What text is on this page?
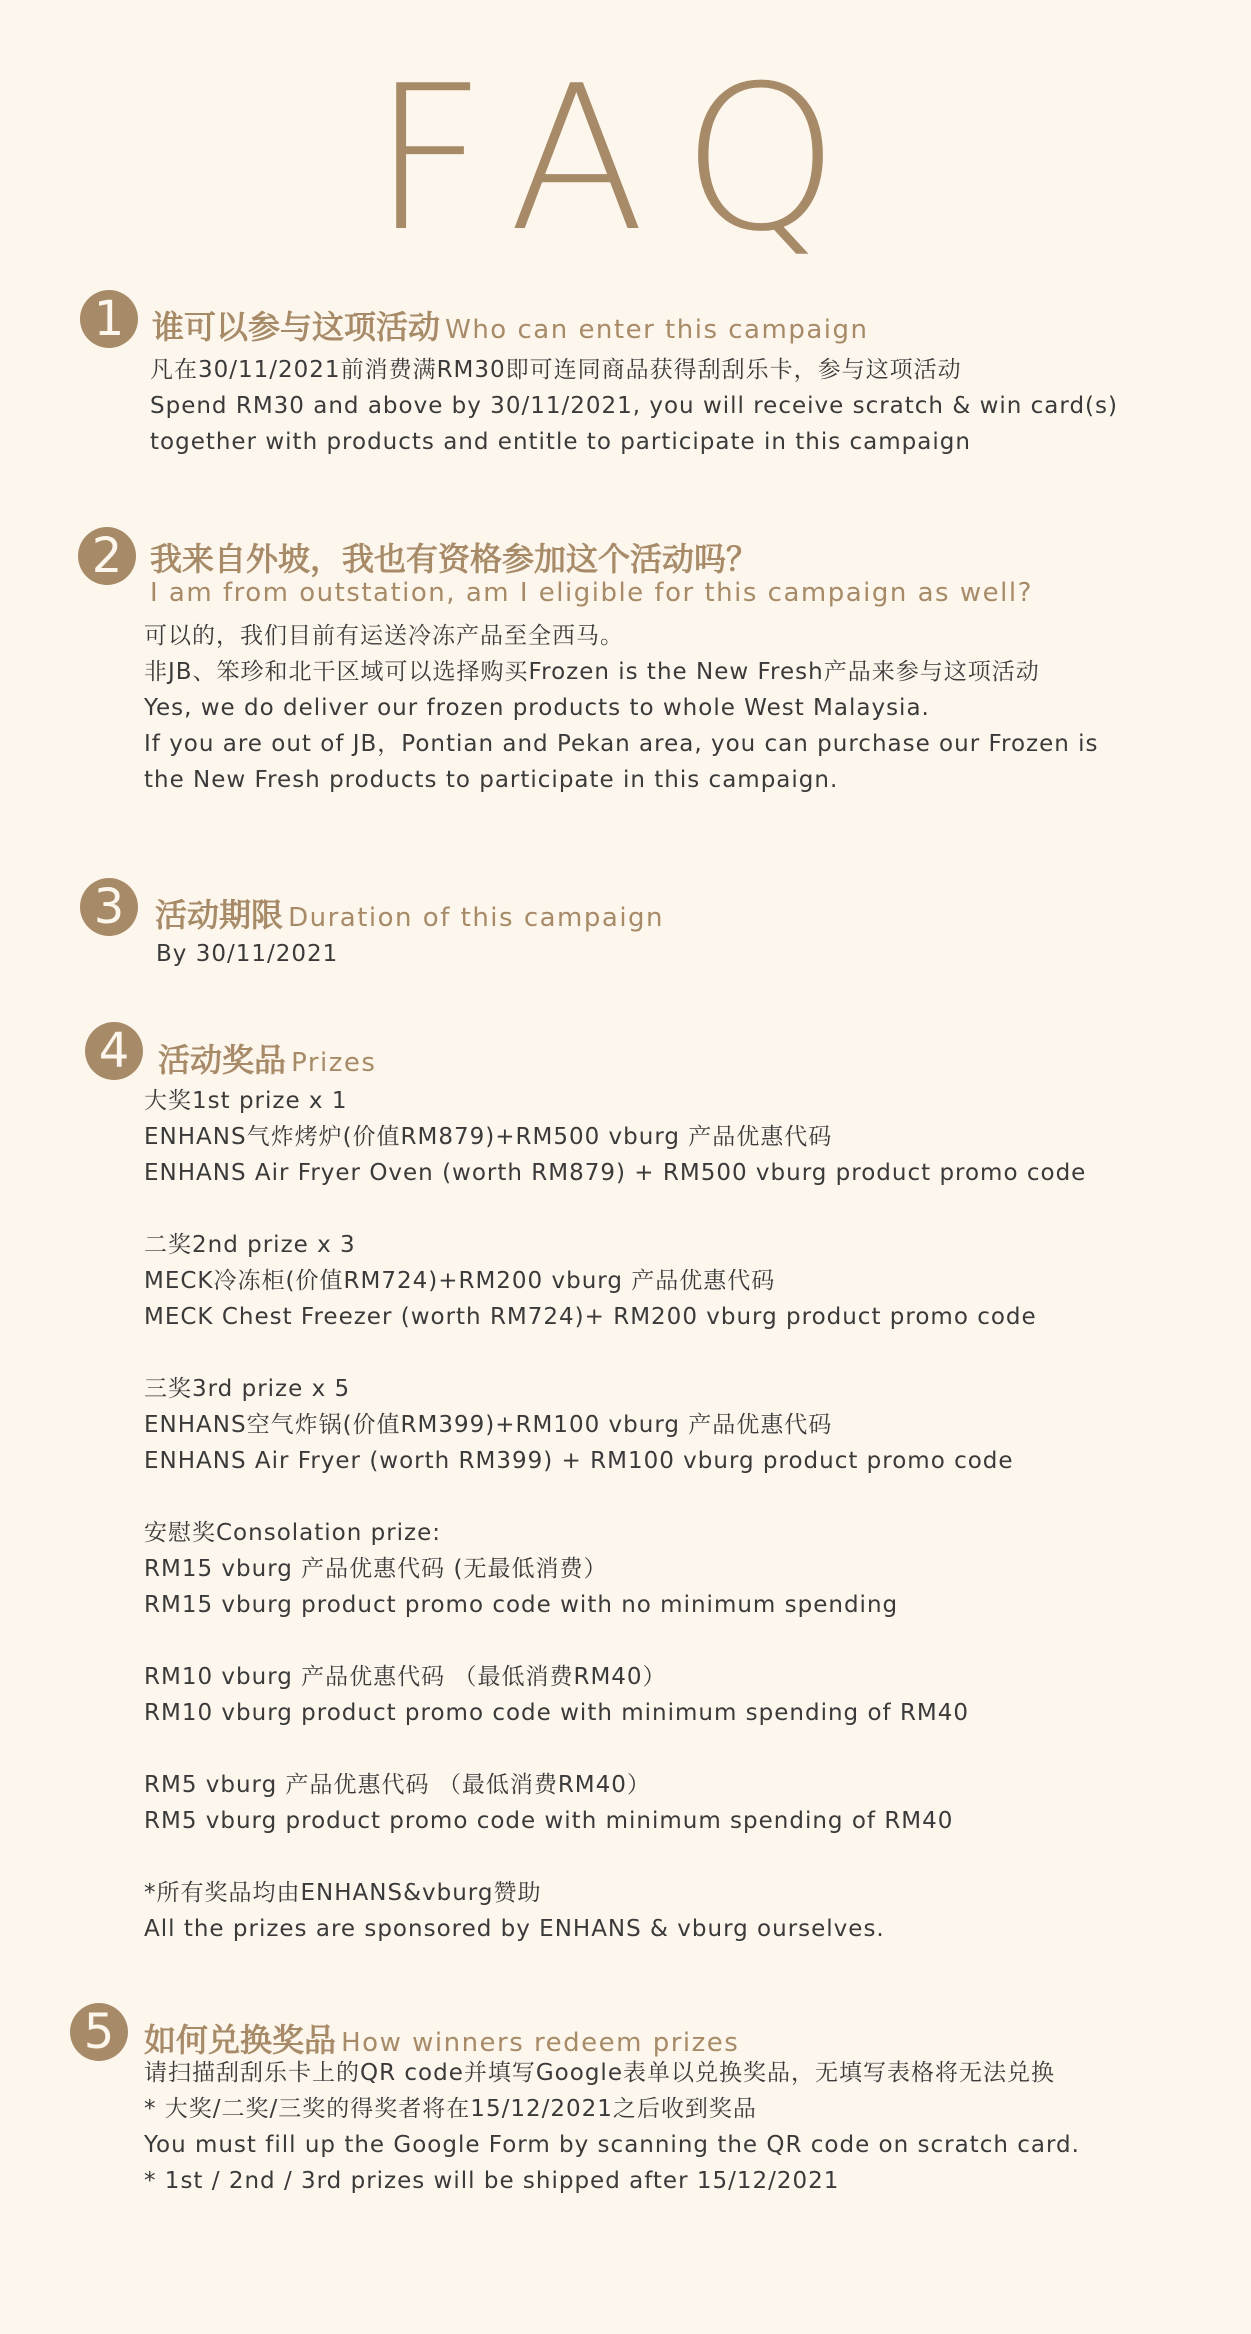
FAQ
1 谁可以参与这项活动 Who can enter this campaign
凡在30/11/2021前消费满RM30即可连同商品获得刮刮乐卡，参与这项活动
Spend RM30 and above by 30/11/2021, you will receive scratch & win card(s)
together with products and entitle to participate in this campaign
2 我来自外坡，我也有资格参加这个活动吗？
I am from outstation, am I eligible for this campaign as well?
可以的，我们目前有运送冷冻产品至全西马。
非JB、笨珍和北干区域可以选择购买Frozen is the New Fresh产品来参与这项活动
Yes, we do deliver our frozen products to whole West Malaysia.
If you are out of JB，Pontian and Pekan area, you can purchase our Frozen is
the New Fresh products to participate in this campaign.
3 活动期限 Duration of this campaign
By 30/11/2021
4 活动奖品 Prizes
大奖1st prize x 1
ENHANS气炸烤炉(价值RM879)+RM500 vburg 产品优惠代码
ENHANS Air Fryer Oven (worth RM879) + RM500 vburg product promo code
二奖2nd prize x 3
MECK冷冻柜(价值RM724)+RM200 vburg 产品优惠代码
MECK Chest Freezer (worth RM724)+ RM200 vburg product promo code
三奖3rd prize x 5
ENHANS空气炸锅(价值RM399)+RM100 vburg 产品优惠代码
ENHANS Air Fryer (worth RM399) + RM100 vburg product promo code
安慰奖Consolation prize:
RM15 vburg 产品优惠代码 (无最低消费）
RM15 vburg product promo code with no minimum spending
RM10 vburg 产品优惠代码 （最低消费RM40）
RM10 vburg product promo code with minimum spending of RM40
RM5 vburg 产品优惠代码 （最低消费RM40）
RM5 vburg product promo code with minimum spending of RM40
*所有奖品均由ENHANS&vburg赞助
All the prizes are sponsored by ENHANS & vburg ourselves.
5 如何兑换奖品 How winners redeem prizes
请扫描刮刮乐卡上的QR code并填写Google表单以兑换奖品，无填写表格将无法兑换
* 大奖/二奖/三奖的得奖者将在15/12/2021之后收到奖品
You must fill up the Google Form by scanning the QR code on scratch card.
* 1st / 2nd / 3rd prizes will be shipped after 15/12/2021
